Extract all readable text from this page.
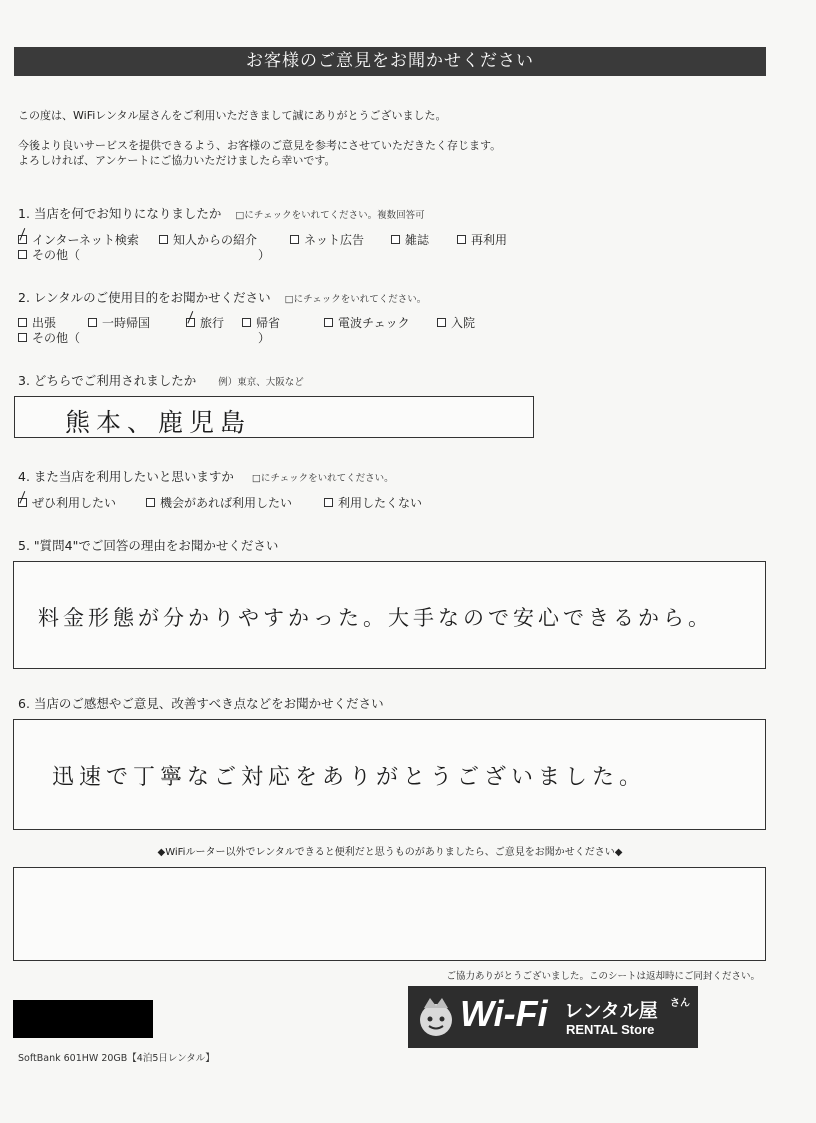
お客様のご意見をお聞かせください
この度は、WiFiレンタル屋さんをご利用いただきまして誠にありがとうございました。
今後より良いサービスを提供できるよう、お客様のご意見を参考にさせていただきたく存じます。
よろしければ、アンケートにご協力いただけましたら幸いです。
1. 当店を何でお知りになりましたか □にチェックをいれてください。複数回答可
インターネット検索	知人からの紹介	ネット広告	雑誌	再利用
その他（	）
2. レンタルのご使用目的をお聞かせください □にチェックをいれてください。
出張	一時帰国	旅行	帰省	電波チェック	入院
その他（	）
3. どちらでご利用されましたか 例）東京、大阪など
熊本、鹿児島
4. また当店を利用したいと思いますか □にチェックをいれてください。
ぜひ利用したい	機会があれば利用したい	利用したくない
5. "質問4"でご回答の理由をお聞かせください
料金形態が分かりやすかった。大手なので安心できるから。
6. 当店のご感想やご意見、改善すべき点などをお聞かせください
迅速で丁寧なご対応をありがとうございました。
◆WiFiルーター以外でレンタルできると便利だと思うものがありましたら、ご意見をお聞かせください◆
ご協力ありがとうございました。このシートは返却時にご同封ください。
Wi-Fi レンタル屋 さん
RENTAL Store
SoftBank 601HW 20GB【4泊5日レンタル】
